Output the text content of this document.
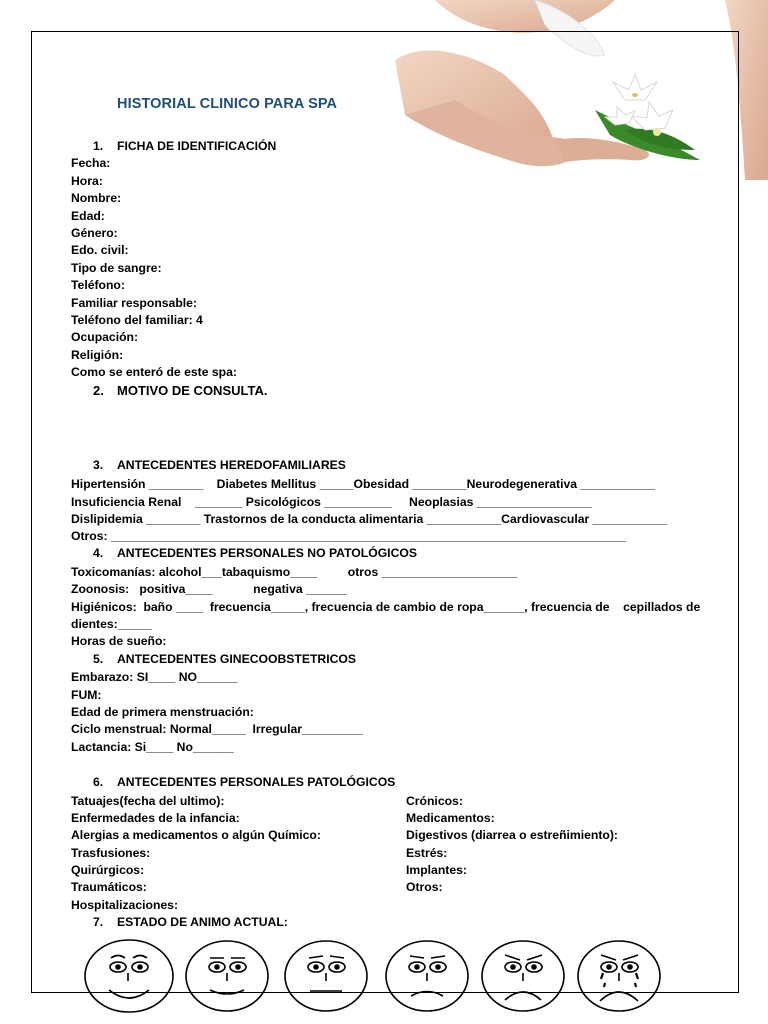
HISTORIAL CLINICO PARA SPA
1. FICHA DE IDENTIFICACIÓN
Fecha:
Hora:
Nombre:
Edad:
Género:
Edo. civil:
Tipo de sangre:
Teléfono:
Familiar responsable:
Teléfono del familiar: 4
Ocupación:
Religión:
Como se enteró de este spa:
2. MOTIVO DE CONSULTA.
3. ANTECEDENTES HEREDOFAMILIARES
Hipertensión ________    Diabetes Mellitus _____Obesidad ________Neurodegenerativa ___________
Insuficiencia Renal    _______ Psicológicos __________     Neoplasias _________________
Dislipidemia ________ Trastornos de la conducta alimentaria ___________Cardiovascular ___________
Otros: ____________________________________________________________________________
4. ANTECEDENTES PERSONALES NO PATOLÓGICOS
Toxicomanías: alcohol___tabaquismo____         otros ____________________
Zoonosis:   positiva____            negativa ______
Higiénicos:  baño ____  frecuencia_____, frecuencia de cambio de ropa______, frecuencia de    cepillados de
dientes:_____
Horas de sueño:
5. ANTECEDENTES GINECOOBSTETRICOS
Embarazo: SI____ NO______
FUM:
Edad de primera menstruación:
Ciclo menstrual: Normal_____  Irregular_________
Lactancia: Si____ No______
6. ANTECEDENTES PERSONALES PATOLÓGICOS
Tatuajes(fecha del ultimo):
Enfermedades de la infancia:
Alergias a medicamentos o algún Químico:
Trasfusiones:
Quirúrgicos:
Traumáticos:
Hospitalizaciones:
Crónicos:
Medicamentos:
Digestivos (diarrea o estreñimiento):
Estrés:
Implantes:
Otros:
7. ESTADO DE ANIMO ACTUAL:
